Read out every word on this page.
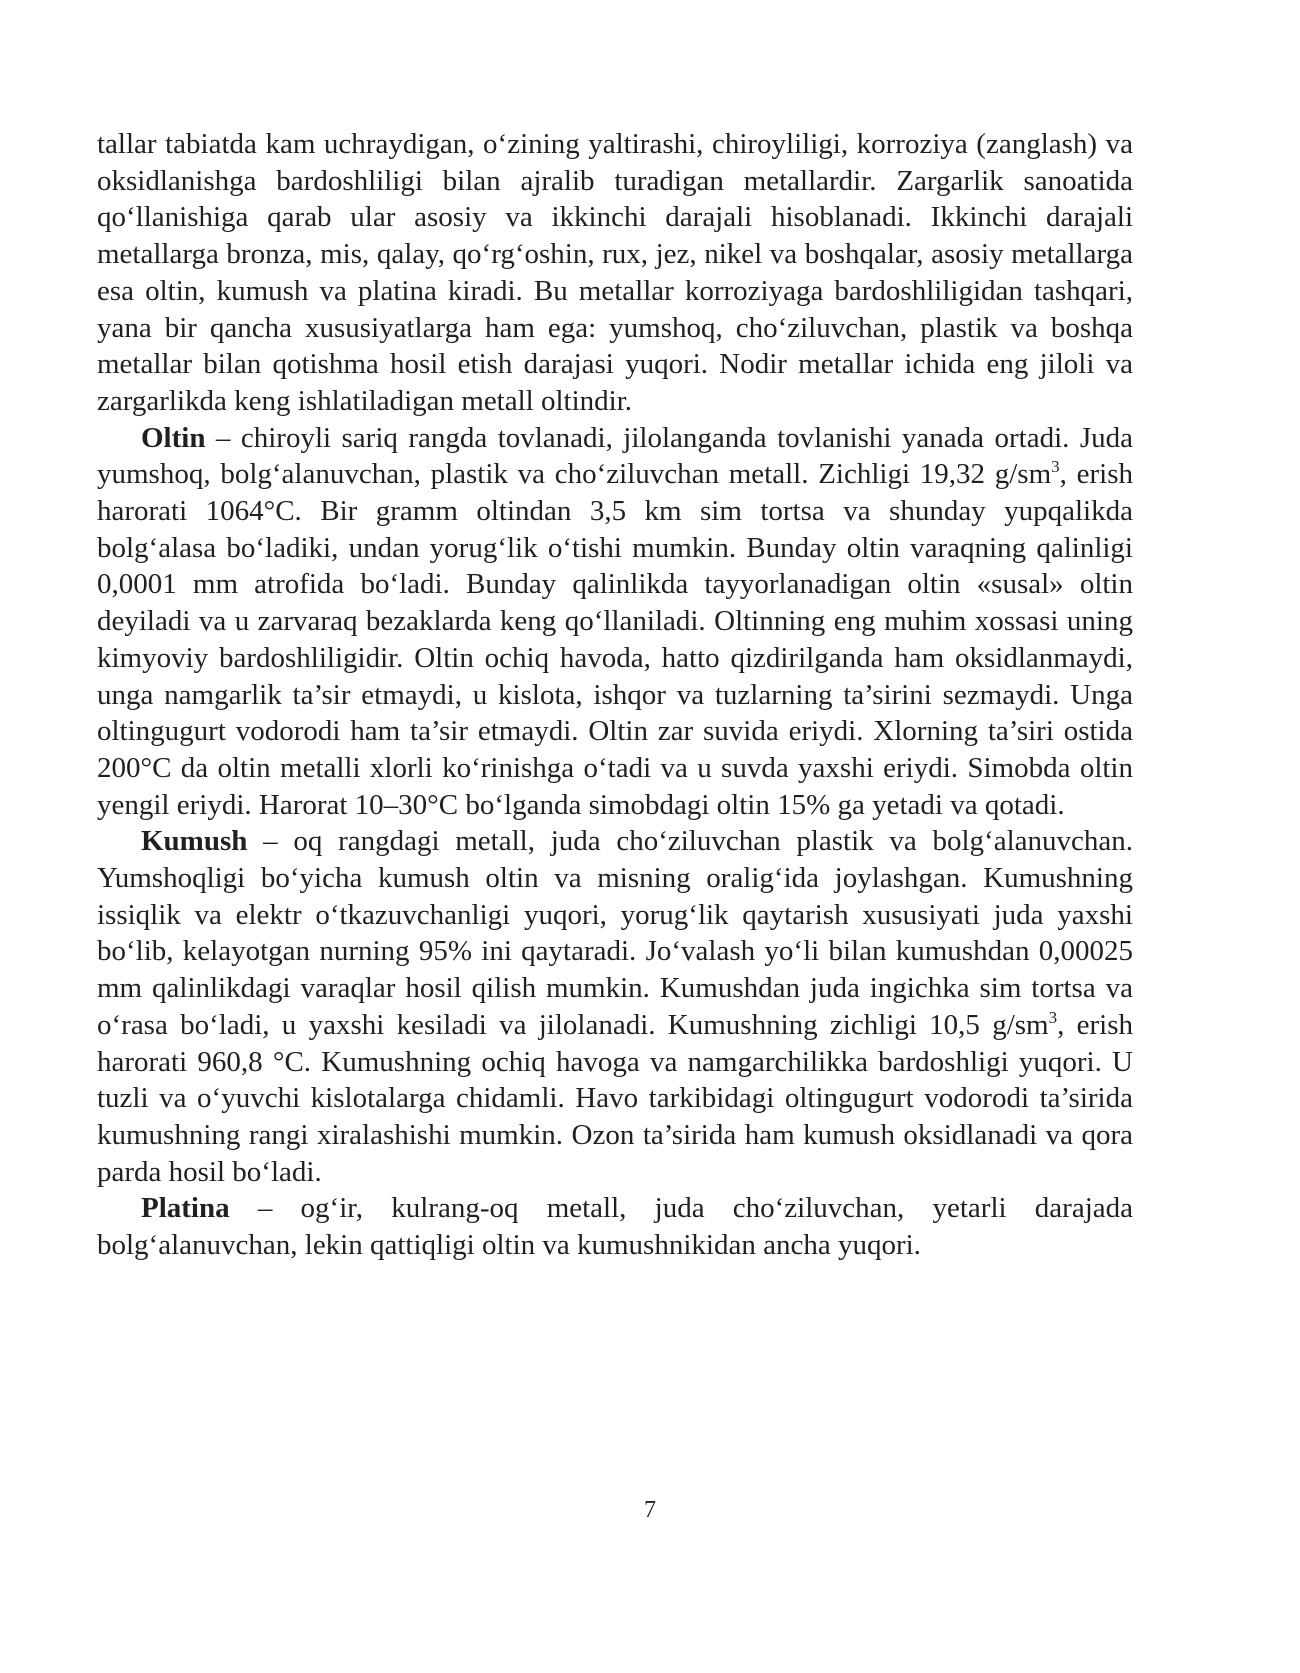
tallar tabiatda kam uchraydigan, o‘zining yaltirashi, chiroyliligi, korroziya (zanglash) va oksidlanishga bardoshliligi bilan ajralib turadigan metallardir. Zargarlik sanoatida qo‘llanishiga qarab ular asosiy va ikkinchi darajali hisoblanadi. Ikkinchi darajali metallarga bronza, mis, qalay, qo‘rg‘oshin, rux, jez, nikel va boshqalar, asosiy metallarga esa oltin, kumush va platina kiradi. Bu metallar korroziyaga bardoshliligidan tashqari, yana bir qancha xususiyatlarga ham ega: yumshoq, cho‘ziluvchan, plastik va boshqa metallar bilan qotishma hosil etish darajasi yuqori. Nodir metallar ichida eng jiloli va zargarlikda keng ishlatiladigan metall oltindir.

Oltin – chiroyli sariq rangda tovlanadi, jilolanganda tovlanishi yanada ortadi. Juda yumshoq, bolg‘alanuvchan, plastik va cho‘ziluvchan metall. Zichligi 19,32 $g/sm^3$, erish harorati 1064°C. Bir gramm oltindan 3,5 km sim tortsa va shunday yupqalikda bolg‘alasa bo‘ladiki, undan yorug‘lik o‘tishi mumkin. Bunday oltin varaqning qalinligi 0,0001 mm atrofida bo‘ladi. Bunday qalinlikda tayyorlanadigan oltin «susal» oltin deyiladi va u zarvaraq bezaklarda keng qo‘llaniladi. Oltinning eng muhim xossasi uning kimyoviy bardoshliligidir. Oltin ochiq havoda, hatto qizdirilganda ham oksidlanmaydi, unga namgarlik ta’sir etmaydi, u kislota, ishqor va tuzlarning ta’sirini sezmaydi. Unga oltingugurt vodorodi ham ta’sir etmaydi. Oltin zar suvida eriydi. Xlorning ta’siri ostida 200°C da oltin metalli xlorli ko‘rinishga o‘tadi va u suvda yaxshi eriydi. Simobda oltin yengil eriydi. Harorat 10–30°C bo‘lganda simobdagi oltin 15% ga yetadi va qotadi.

Kumush – oq rangdagi metall, juda cho‘ziluvchan plastik va bolg‘alanuvchan. Yumshoqligi bo‘yicha kumush oltin va misning oralig‘ida joylashgan. Kumushning issiqlik va elektr o‘tkazuvchanligi yuqori, yorug‘lik qaytarish xususiyati juda yaxshi bo‘lib, kelayotgan nurning 95% ini qaytaradi. Jo‘valash yo‘li bilan kumushdan 0,00025 mm qalinlikdagi varaqlar hosil qilish mumkin. Kumushdan juda ingichka sim tortsa va o‘rasa bo‘ladi, u yaxshi kesiladi va jilolanadi. Kumushning zichligi 10,5 $g/sm^3$, erish harorati 960,8 °C. Kumushning ochiq havoga va namgarchilikka bardoshligi yuqori. U tuzli va o‘yuvchi kislotalarga chidamli. Havo tarkibidagi oltingugurt vodorodi ta’sirida kumushning rangi xiralashishi mumkin. Ozon ta’sirida ham kumush oksidlanadi va qora parda hosil bo‘ladi.

Platina – og‘ir, kulrang-oq metall, juda cho‘ziluvchan, yetarli darajada bolg‘alanuvchan, lekin qattiqligi oltin va kumushnikidan ancha yuqori.

7
